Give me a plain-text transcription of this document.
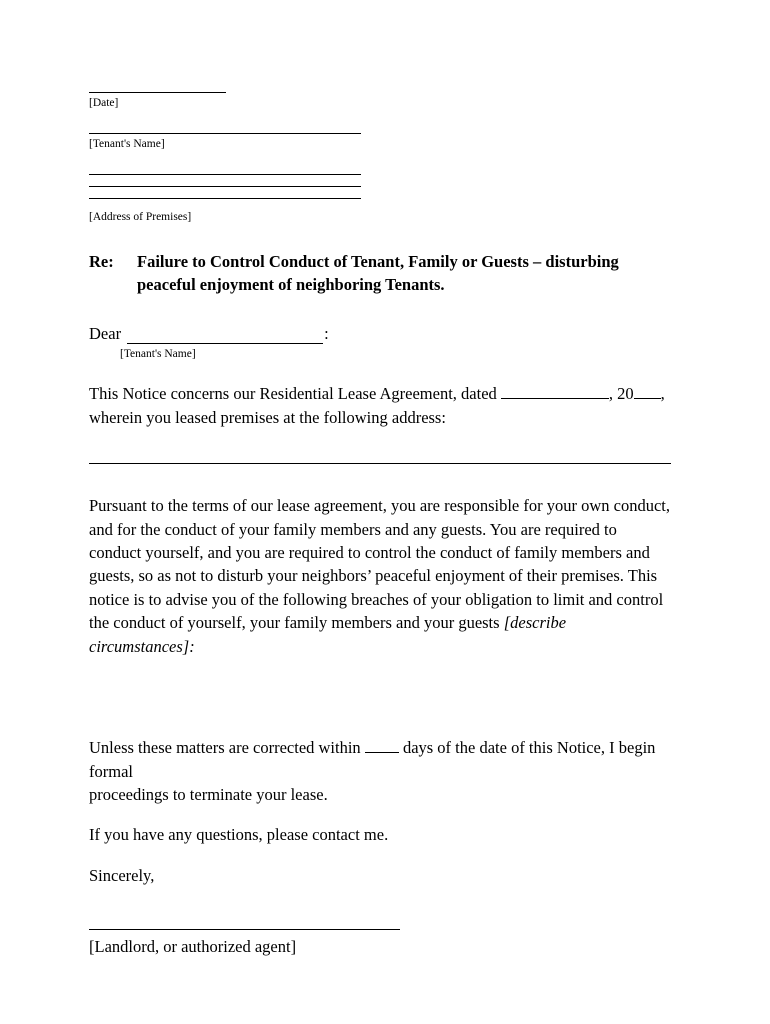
[Date]
[Tenant's Name]
[Address of Premises]
Re:	Failure to Control Conduct of Tenant, Family or Guests – disturbing peaceful enjoyment of neighboring Tenants.
Dear	:
[Tenant's Name]

This Notice concerns our Residential Lease Agreement, dated	, 20 ,
wherein you leased premises at the following address:

Pursuant to the terms of our lease agreement, you are responsible for your own conduct, and for the conduct of your family members and any guests. You are required to conduct yourself, and you are required to control the conduct of family members and guests, so as not to disturb your neighbors’ peaceful enjoyment of their premises. This notice is to advise you of the following breaches of your obligation to limit and control the conduct of yourself, your family members and your guests [describe circumstances]:

Unless these matters are corrected within  days of the date of this Notice, I begin formal
proceedings to terminate your lease.

If you have any questions, please contact me.

Sincerely,

[Landlord, or authorized agent]
